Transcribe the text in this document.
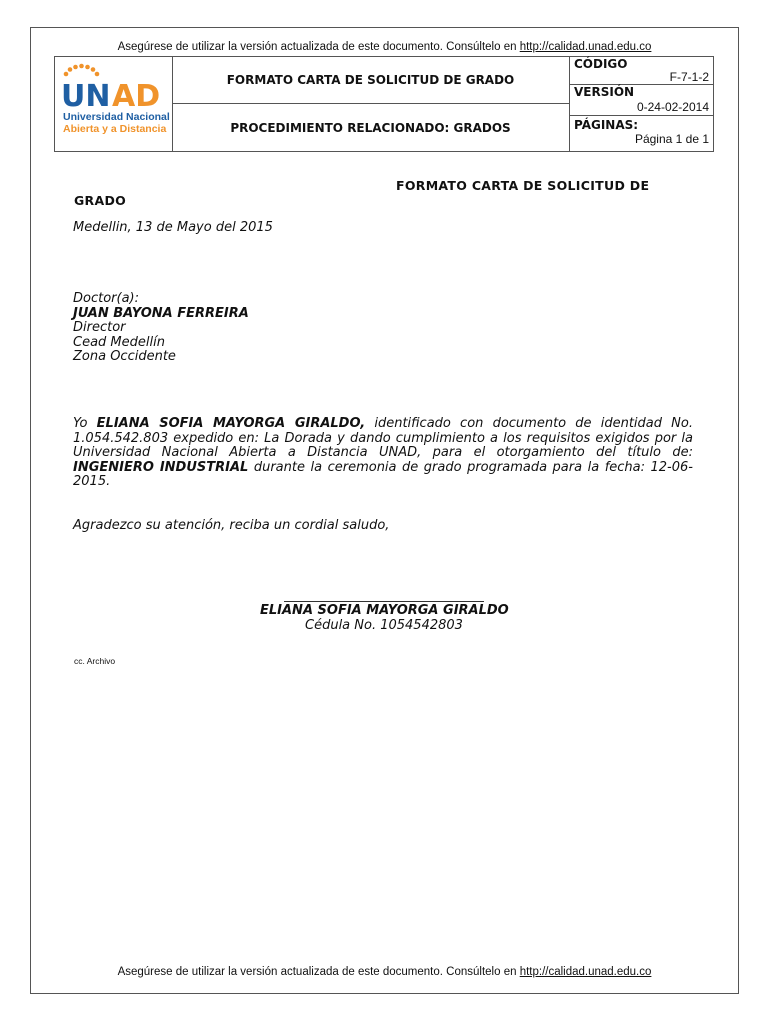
Asegúrese de utilizar la versión actualizada de este documento. Consúltelo en http://calidad.unad.edu.co
UN AD
Universidad Nacional
Abierta y a Distancia
FORMATO CARTA DE SOLICITUD DE GRADO
PROCEDIMIENTO RELACIONADO: GRADOS
CÓDIGO
F-7-1-2
VERSIÓN
0-24-02-2014
PÁGINAS:
Página 1 de 1
FORMATO CARTA DE SOLICITUD DE
GRADO
Medellin, 13 de Mayo del 2015
Doctor(a):
JUAN BAYONA FERREIRA
Director
Cead Medellín
Zona Occidente
Yo ELIANA SOFIA MAYORGA GIRALDO, identificado con documento de identidad No. 1.054.542.803 expedido en: La Dorada y dando cumplimiento a los requisitos exigidos por la Universidad Nacional Abierta a Distancia UNAD, para el otorgamiento del título de: INGENIERO INDUSTRIAL durante la ceremonia de grado programada para la fecha: 12-06-2015.
Agradezco su atención, reciba un cordial saludo,
ELIANA SOFIA MAYORGA GIRALDO
Cédula No. 1054542803
cc. Archivo
Asegúrese de utilizar la versión actualizada de este documento. Consúltelo en http://calidad.unad.edu.co
